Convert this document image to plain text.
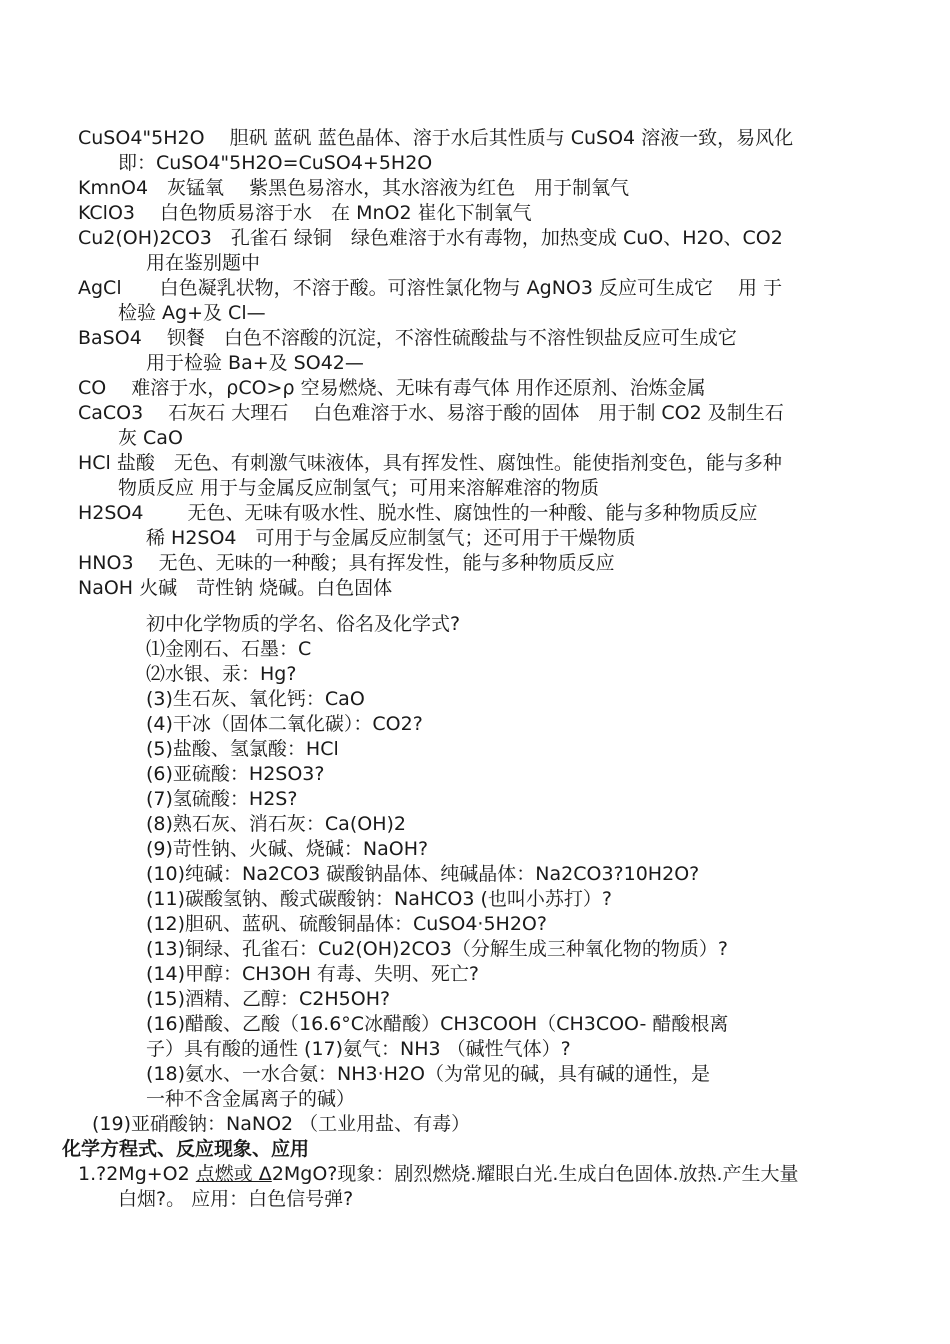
CuSO4"5H2O　 胆矾 蓝矾 蓝色晶体、溶于水后其性质与 CuSO4 溶液一致，易风化
即：CuSO4"5H2O=CuSO4+5H2O
KmnO4　灰锰氧　 紫黑色易溶水，其水溶液为红色　用于制氧气
KClO3　 白色物质易溶于水　在 MnO2 崔化下制氧气
Cu2(OH)2CO3　孔雀石 绿铜　绿色难溶于水有毒物，加热变成 CuO、H2O、CO2
用在鉴别题中
AgCl　　白色凝乳状物，不溶于酸。可溶性氯化物与 AgNO3 反应可生成它　 用 于
检验 Ag+及 Cl—
BaSO4　 钡餐　白色不溶酸的沉淀，不溶性硫酸盐与不溶性钡盐反应可生成它
用于检验 Ba+及 SO42—
CO　 难溶于水，ρCO>ρ 空易燃烧、无味有毒气体 用作还原剂、治炼金属
CaCO3　 石灰石 大理石　 白色难溶于水、易溶于酸的固体　用于制 CO2 及制生石
灰 CaO
HCl 盐酸　无色、有刺激气味液体，具有挥发性、腐蚀性。能使指剂变色，能与多种
物质反应 用于与金属反应制氢气；可用来溶解难溶的物质
H2SO4　　 无色、无味有吸水性、脱水性、腐蚀性的一种酸、能与多种物质反应
稀 H2SO4　可用于与金属反应制氢气；还可用于干燥物质
HNO3　 无色、无味的一种酸；具有挥发性，能与多种物质反应
NaOH 火碱　苛性钠 烧碱。白色固体
初中化学物质的学名、俗名及化学式?
⑴金刚石、石墨：C
⑵水银、汞：Hg?
(3)生石灰、氧化钙：CaO
(4)干冰（固体二氧化碳）：CO2?
(5)盐酸、氢氯酸：HCl
(6)亚硫酸：H2SO3?
(7)氢硫酸：H2S?
(8)熟石灰、消石灰：Ca(OH)2
(9)苛性钠、火碱、烧碱：NaOH?
(10)纯碱：Na2CO3 碳酸钠晶体、纯碱晶体：Na2CO3?10H2O?
(11)碳酸氢钠、酸式碳酸钠：NaHCO3 (也叫小苏打）?
(12)胆矾、蓝矾、硫酸铜晶体：CuSO4·5H2O?
(13)铜绿、孔雀石：Cu2(OH)2CO3（分解生成三种氧化物的物质）?
(14)甲醇：CH3OH 有毒、失明、死亡?
(15)酒精、乙醇：C2H5OH?
(16)醋酸、乙酸（16.6°C冰醋酸）CH3COOH（CH3COO- 醋酸根离
子）具有酸的通性 (17)氨气：NH3 （碱性气体）?
(18)氨水、一水合氨：NH3·H2O（为常见的碱，具有碱的通性，是
一种不含金属离子的碱）
(19)亚硝酸钠：NaNO2 （工业用盐、有毒）
化学方程式、反应现象、应用
1.?2Mg+O2 点燃或 Δ2MgO?现象：剧烈燃烧.耀眼白光.生成白色固体.放热.产生大量
白烟?。 应用：白色信号弹?
